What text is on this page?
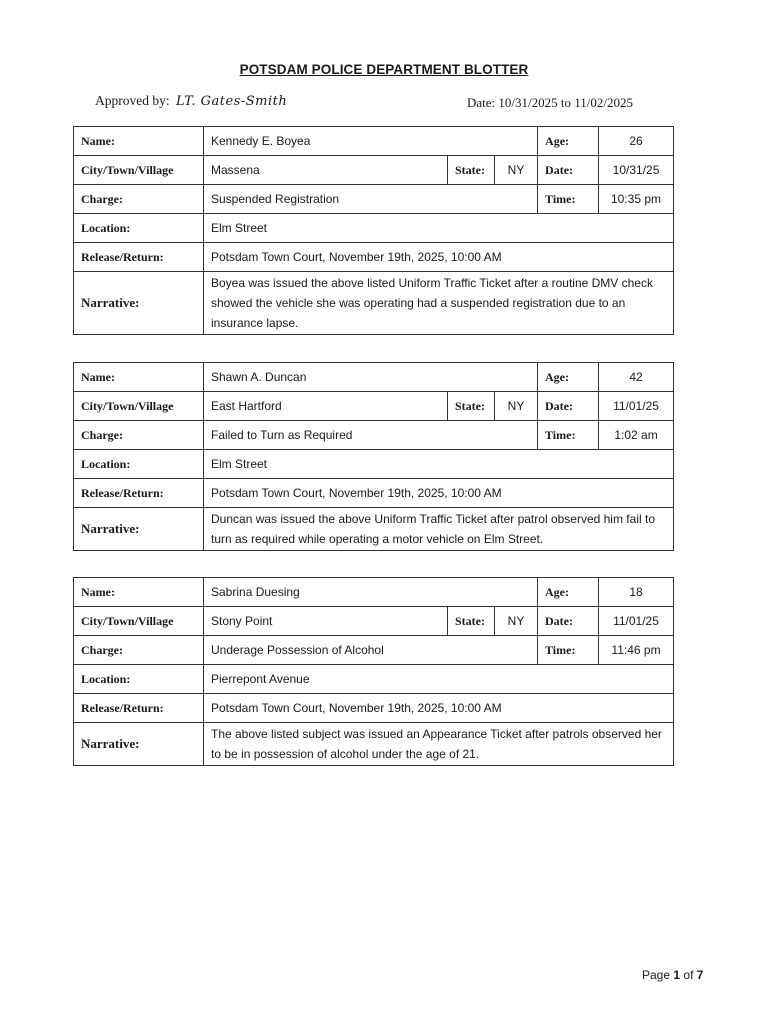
POTSDAM POLICE DEPARTMENT BLOTTER
Approved by: LT. Gates-Smith	Date: 10/31/2025 to 11/02/2025
Name:	Kennedy E. Boyea			Age:	26
City/Town/Village	Massena	State:	NY	Date:	10/31/25
Charge:	Suspended Registration			Time:	10:35 pm
Location:	Elm Street				
Release/Return:	Potsdam Town Court, November 19th, 2025, 10:00 AM				
Narrative:	Boyea was issued the above listed Uniform Traffic Ticket after a routine DMV check showed the vehicle she was operating had a suspended registration due to an insurance lapse.				
Name:	Shawn A. Duncan			Age:	42
City/Town/Village	East Hartford	State:	NY	Date:	11/01/25
Charge:	Failed to Turn as Required			Time:	1:02 am
Location:	Elm Street				
Release/Return:	Potsdam Town Court, November 19th, 2025, 10:00 AM				
Narrative:	Duncan was issued the above Uniform Traffic Ticket after patrol observed him fail to turn as required while operating a motor vehicle on Elm Street.				
Name:	Sabrina Duesing			Age:	18
City/Town/Village	Stony Point	State:	NY	Date:	11/01/25
Charge:	Underage Possession of Alcohol			Time:	11:46 pm
Location:	Pierrepont Avenue				
Release/Return:	Potsdam Town Court, November 19th, 2025, 10:00 AM				
Narrative:	The above listed subject was issued an Appearance Ticket after patrols observed her to be in possession of alcohol under the age of 21.				
Page 1 of 7
